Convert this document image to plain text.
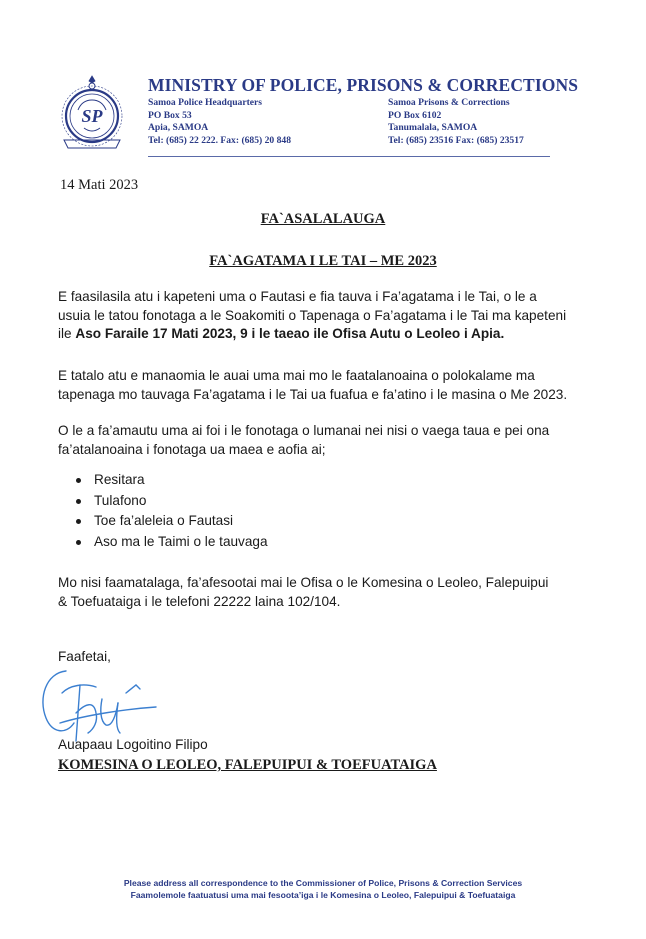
SP
MINISTRY OF POLICE, PRISONS & CORRECTIONS
Samoa Police Headquarters
PO Box 53
Apia, SAMOA
Tel: (685) 22 222. Fax: (685) 20 848
Samoa Prisons & Corrections
PO Box 6102
Tanumalala, SAMOA
Tel: (685) 23516 Fax: (685) 23517
14 Mati 2023
FA`ASALALAUGA
FA`AGATAMA I LE TAI – ME 2023

E faasilasila atu i kapeteni uma o Fautasi e fia tauva i Fa’agatama i le Tai, o le a
usuia le tatou fonotaga a le Soakomiti o Tapenaga o Fa’agatama i le Tai ma kapeteni
ile Aso Faraile 17 Mati 2023, 9 i le taeao ile Ofisa Autu o Leoleo i Apia.

E tatalo atu e manaomia le auai uma mai mo le faatalanoaina o polokalame ma
tapenaga mo tauvaga Fa’agatama i le Tai ua fuafua e fa’atino i le masina o Me 2023.

O le a fa’amautu uma ai foi i le fonotaga o lumanai nei nisi o vaega taua e pei ona
fa’atalanoaina i fonotaga ua maea e aofia ai;

Resitara
Tulafono
Toe fa’aleleia o Fautasi
Aso ma le Taimi o le tauvaga

Mo nisi faamatalaga, fa’afesootai mai le Ofisa o le Komesina o Leoleo, Falepuipui
& Toefuataiga i le telefoni 22222 laina 102/104.

Faafetai,
Auapaau Logoitino Filipo
KOMESINA O LEOLEO, FALEPUIPUI & TOEFUATAIGA
Please address all correspondence to the Commissioner of Police, Prisons & Correction Services
Faamolemole faatuatusi uma mai fesoota’iga i le Komesina o Leoleo, Falepuipui & Toefuataiga
